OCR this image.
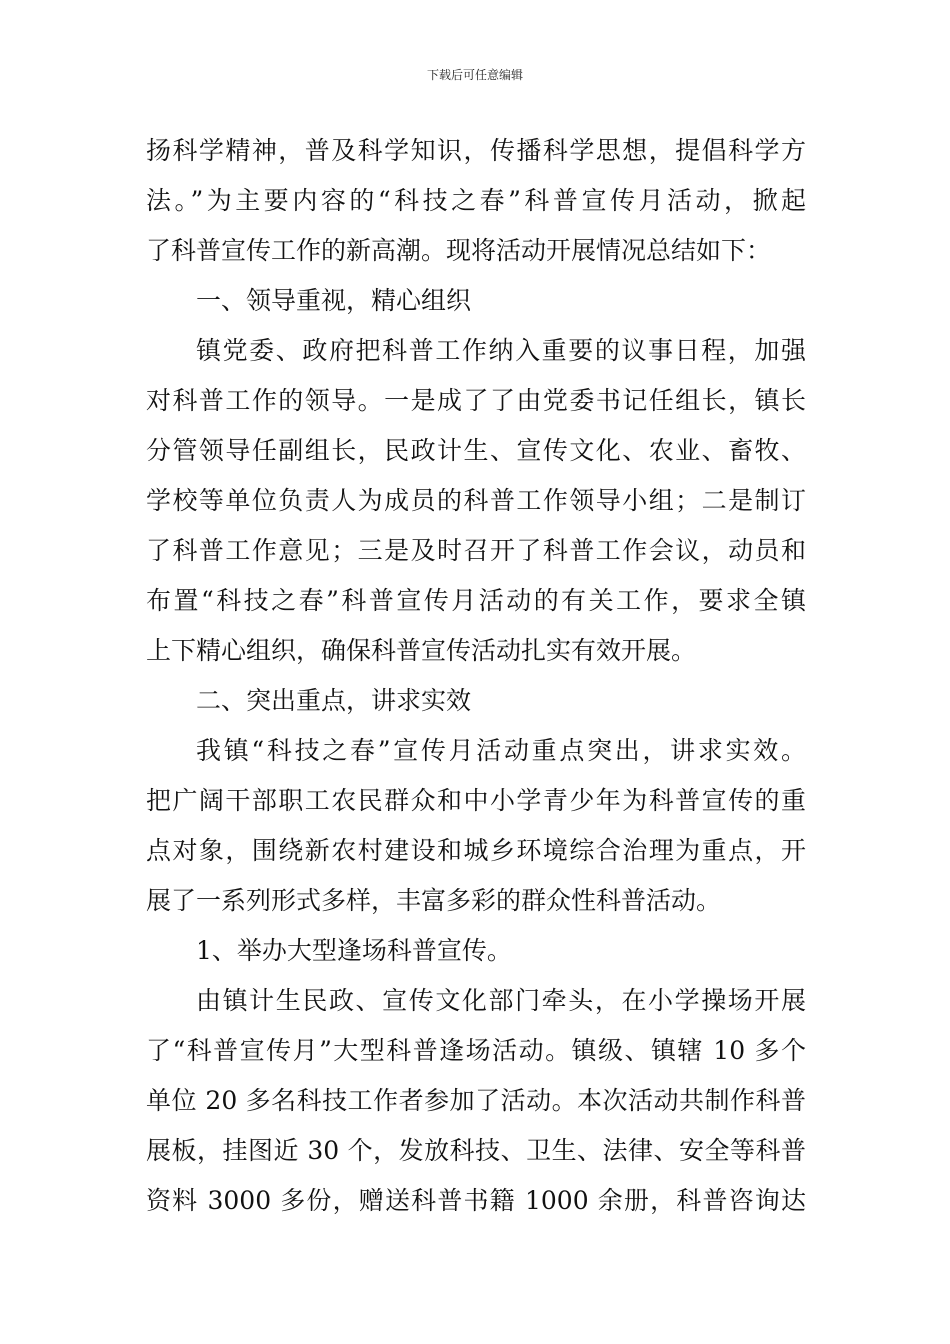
下载后可任意编辑
扬科学精神，普及科学知识，传播科学思想，提倡科学方
法。”为主要内容的“科技之春”科普宣传月活动，掀起
了科普宣传工作的新高潮。现将活动开展情况总结如下：
一、领导重视，精心组织
镇党委、政府把科普工作纳入重要的议事日程，加强
对科普工作的领导。一是成了了由党委书记任组长，镇长
分管领导任副组长，民政计生、宣传文化、农业、畜牧、
学校等单位负责人为成员的科普工作领导小组；二是制订
了科普工作意见；三是及时召开了科普工作会议，动员和
布置“科技之春”科普宣传月活动的有关工作，要求全镇
上下精心组织，确保科普宣传活动扎实有效开展。
二、突出重点，讲求实效
我镇“科技之春”宣传月活动重点突出，讲求实效。
把广阔干部职工农民群众和中小学青少年为科普宣传的重
点对象，围绕新农村建设和城乡环境综合治理为重点，开
展了一系列形式多样，丰富多彩的群众性科普活动。
1、举办大型逢场科普宣传。
由镇计生民政、宣传文化部门牵头，在小学操场开展
了“科普宣传月”大型科普逢场活动。镇级、镇辖 10 多个
单位 20 多名科技工作者参加了活动。本次活动共制作科普
展板，挂图近 30 个，发放科技、卫生、法律、安全等科普
资料 3000 多份，赠送科普书籍 1000 余册，科普咨询达
